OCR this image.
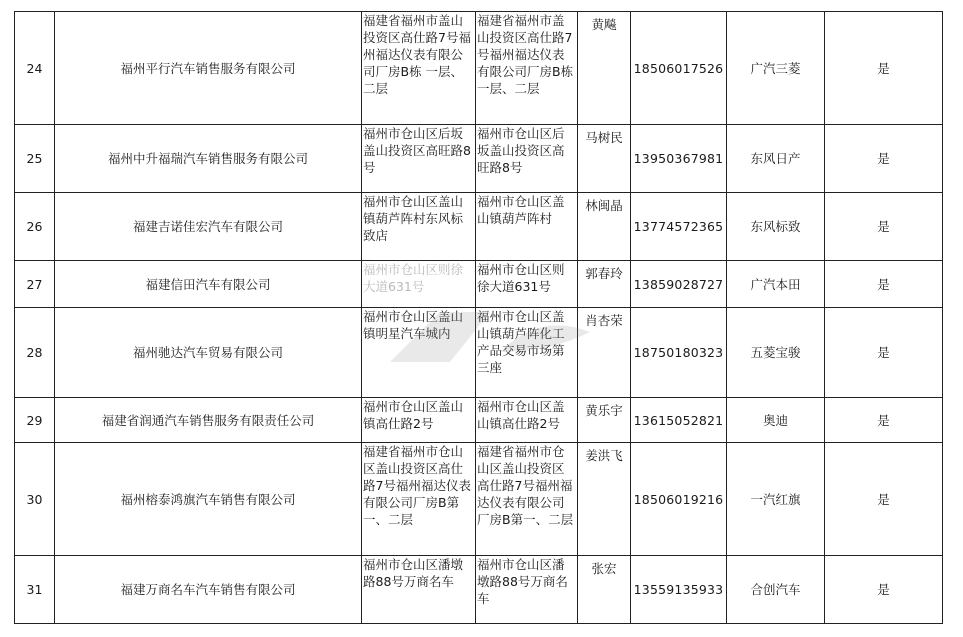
24	福州平行汽车销售服务有限公司	福建省福州市盖山投资区高仕路7号福州福达仪表有限公司厂房B栋 一层、二层	福建省福州市盖山投资区高仕路7号福州福达仪表有限公司厂房B栋 一层、二层	黄飚	18506017526	广汽三菱	是
25	福州中升福瑞汽车销售服务有限公司	福州市仓山区后坂盖山投资区高旺路8号	福州市仓山区后坂盖山投资区高旺路8号	马树民	13950367981	东风日产	是
26	福建吉诺佳宏汽车有限公司	福州市仓山区盖山镇葫芦阵村东风标致店	福州市仓山区盖山镇葫芦阵村	林闽晶	13774572365	东风标致	是
27	福建信田汽车有限公司	福州市仓山区则徐大道631号	福州市仓山区则徐大道631号	郭春玲	13859028727	广汽本田	是
28	福州驰达汽车贸易有限公司	福州市仓山区盖山镇明星汽车城内	福州市仓山区盖山镇葫芦阵化工产品交易市场第三座	肖杏荣	18750180323	五菱宝骏	是
29	福建省润通汽车销售服务有限责任公司	福州市仓山区盖山镇高仕路2号	福州市仓山区盖山镇高仕路2号	黄乐宇	13615052821	奥迪	是
30	福州榕泰鸿旗汽车销售有限公司	福建省福州市仓山区盖山投资区高仕路7号福州福达仪表有限公司厂房B第一、二层	福建省福州市仓山区盖山投资区高仕路7号福州福达仪表有限公司厂房B第一、二层	姜洪飞	18506019216	一汽红旗	是
31	福建万商名车汽车销售有限公司	福州市仓山区潘墩路88号万商名车	福州市仓山区潘墩路88号万商名车	张宏	13559135933	合创汽车	是
